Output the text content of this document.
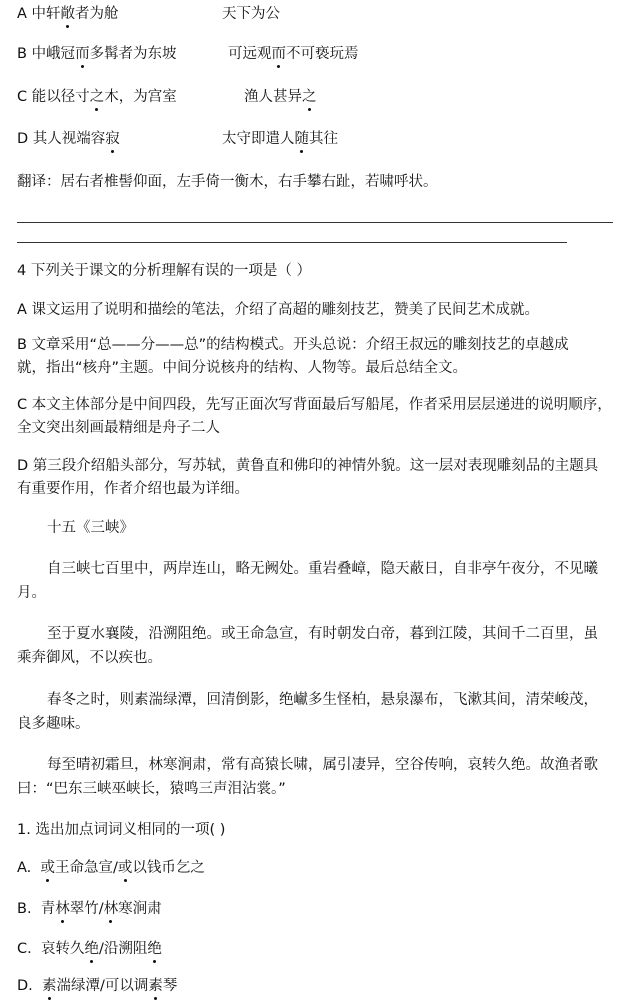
A 中轩敞者为舱	天下为公
B 中峨冠而多髯者为东坡	可远观而不可亵玩焉
C 能以径寸之木，为宫室	渔人甚异之
D 其人视端容寂	太守即遣人随其往
翻译：居右者椎髻仰面，左手倚一衡木，右手攀右趾，若啸呼状。
4 下列关于课文的分析理解有误的一项是（ ）
A 课文运用了说明和描绘的笔法，介绍了高超的雕刻技艺，赞美了民间艺术成就。
B 文章采用“总——分——总”的结构模式。开头总说：介绍王叔远的雕刻技艺的卓越成
就，指出“核舟”主题。中间分说核舟的结构、人物等。最后总结全文。
C 本文主体部分是中间四段，先写正面次写背面最后写船尾，作者采用层层递进的说明顺序，
全文突出刻画最精细是舟子二人
D 第三段介绍船头部分，写苏轼，黄鲁直和佛印的神情外貌。这一层对表现雕刻品的主题具
有重要作用，作者介绍也最为详细。
十五《三峡》
自三峡七百里中，两岸连山，略无阙处。重岩叠嶂，隐天蔽日，自非亭午夜分，不见曦
月。
至于夏水襄陵，沿溯阻绝。或王命急宣，有时朝发白帝，暮到江陵，其间千二百里，虽
乘奔御风，不以疾也。
春冬之时，则素湍绿潭，回清倒影，绝𪩘多生怪柏，悬泉瀑布，飞漱其间，清荣峻茂，
良多趣味。
每至晴初霜旦，林寒涧肃，常有高猿长啸，属引凄异，空谷传响，哀转久绝。故渔者歌
曰：“巴东三峡巫峡长，猿鸣三声泪沾裳。”
1. 选出加点词词义相同的一项( )
A. 或王命急宣/或以钱币乞之
B. 青林翠竹/林寒涧肃
C. 哀转久绝/沿溯阻绝
D. 素湍绿潭/可以调素琴
